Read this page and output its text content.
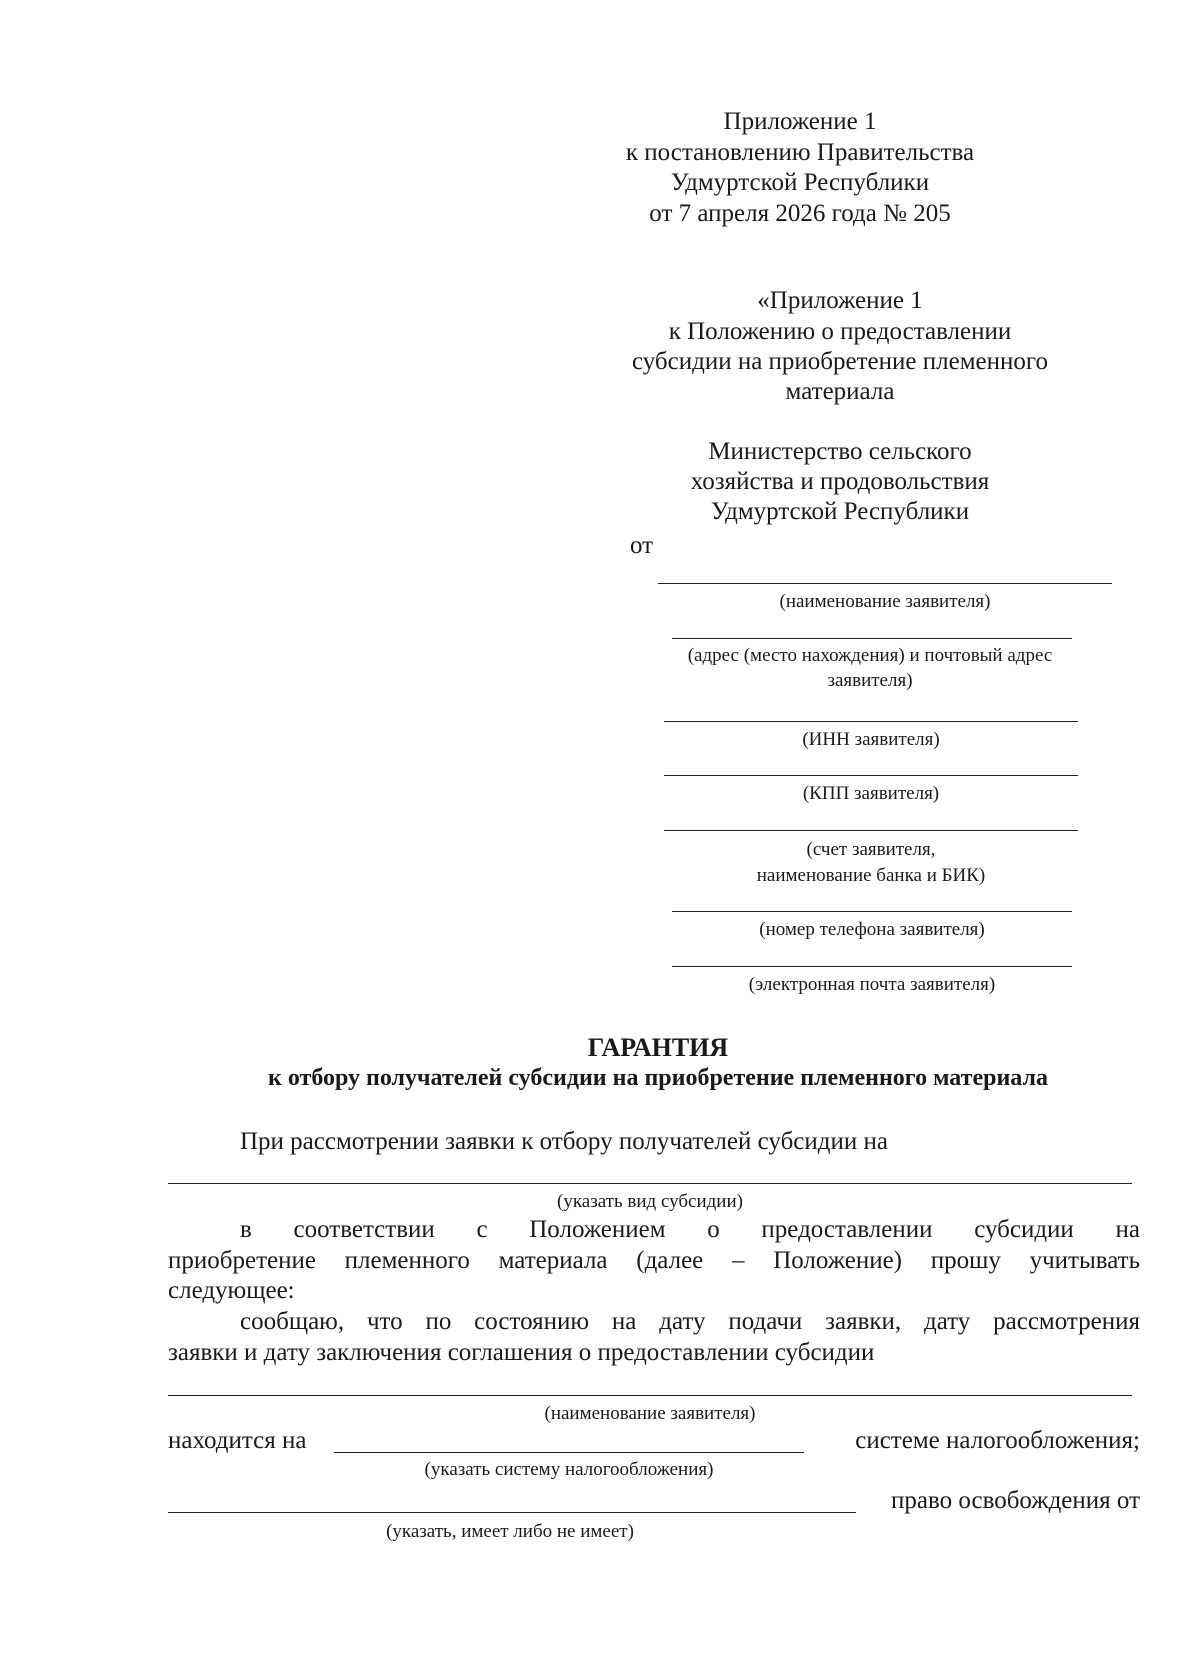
Приложение 1
к постановлению Правительства
Удмуртской Республики
от 7 апреля 2026 года № 205
«Приложение 1
к Положению о предоставлении
субсидии на приобретение племенного
материала
Министерство сельского
хозяйства и продовольствия
Удмуртской Республики
от
(наименование заявителя)
(адрес (место нахождения) и почтовый адрес
заявителя)
(ИНН заявителя)
(КПП заявителя)
(счет заявителя,
наименование банка и БИК)
(номер телефона заявителя)
(электронная почта заявителя)
ГАРАНТИЯ
к отбору получателей субсидии на приобретение племенного материала
При рассмотрении заявки к отбору получателей субсидии на
(указать вид субсидии)
в соответствии с Положением о предоставлении субсидии на
приобретение племенного материала (далее – Положение) прошу учитывать
следующее:
сообщаю, что по состоянию на дату подачи заявки, дату рассмотрения
заявки и дату заключения соглашения о предоставлении субсидии
(наименование заявителя)
находится на	системе налогообложения;
(указать систему налогообложения)
право освобождения от
(указать, имеет либо не имеет)
